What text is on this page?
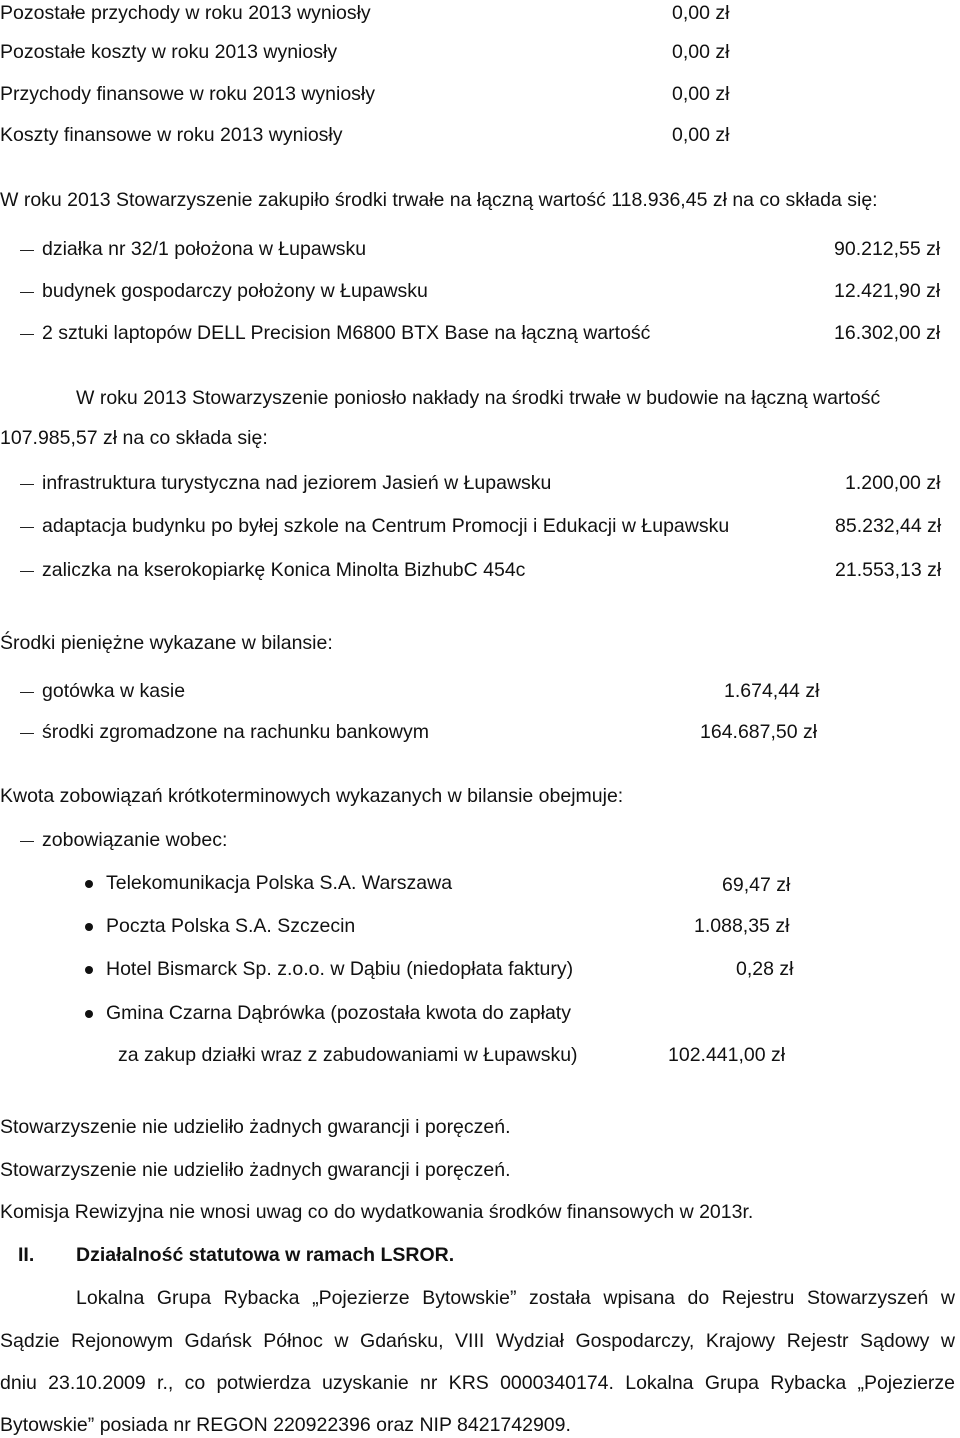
Pozostałe przychody w roku 2013 wyniosły	0,00 zł
Pozostałe koszty w roku 2013 wyniosły	0,00 zł
Przychody finansowe w roku 2013 wyniosły	0,00 zł
Koszty finansowe w roku 2013 wyniosły	0,00 zł
W roku 2013 Stowarzyszenie zakupiło środki trwałe na łączną wartość 118.936,45 zł na co składa się:
działka nr 32/1 położona w Łupawsku	90.212,55 zł
budynek gospodarczy położony w Łupawsku	12.421,90 zł
2 sztuki laptopów DELL Precision M6800 BTX Base na łączną wartość	16.302,00 zł
W roku 2013 Stowarzyszenie poniosło nakłady na środki trwałe w budowie na łączną wartość
107.985,57 zł na co składa się:
infrastruktura turystyczna nad jeziorem Jasień w Łupawsku	1.200,00 zł
adaptacja budynku po byłej szkole na Centrum Promocji i Edukacji w Łupawsku	85.232,44 zł
zaliczka na kserokopiarkę Konica Minolta BizhubC 454c	21.553,13 zł
Środki pieniężne wykazane w bilansie:
gotówka w kasie	1.674,44 zł
środki zgromadzone na rachunku bankowym	164.687,50 zł
Kwota zobowiązań krótkoterminowych wykazanych w bilansie obejmuje:
zobowiązanie wobec:
Telekomunikacja Polska S.A. Warszawa	69,47 zł
Poczta Polska S.A. Szczecin	1.088,35 zł
Hotel Bismarck Sp. z.o.o. w Dąbiu (niedopłata faktury)	0,28 zł
Gmina Czarna Dąbrówka (pozostała kwota do zapłaty
za zakup działki wraz z zabudowaniami w Łupawsku)	102.441,00 zł
Stowarzyszenie nie udzieliło żadnych gwarancji i poręczeń.
Stowarzyszenie nie udzieliło żadnych gwarancji i poręczeń.
Komisja Rewizyjna nie wnosi uwag co do wydatkowania środków finansowych w 2013r.
II. Działalność statutowa w ramach LSROR.
Lokalna Grupa Rybacka „Pojezierze Bytowskie” została wpisana do Rejestru Stowarzyszeń w
Sądzie Rejonowym Gdańsk Północ w Gdańsku, VIII Wydział Gospodarczy, Krajowy Rejestr Sądowy w
dniu 23.10.2009 r., co potwierdza uzyskanie nr KRS 0000340174. Lokalna Grupa Rybacka „Pojezierze
Bytowskie” posiada nr REGON 220922396 oraz NIP 8421742909.
